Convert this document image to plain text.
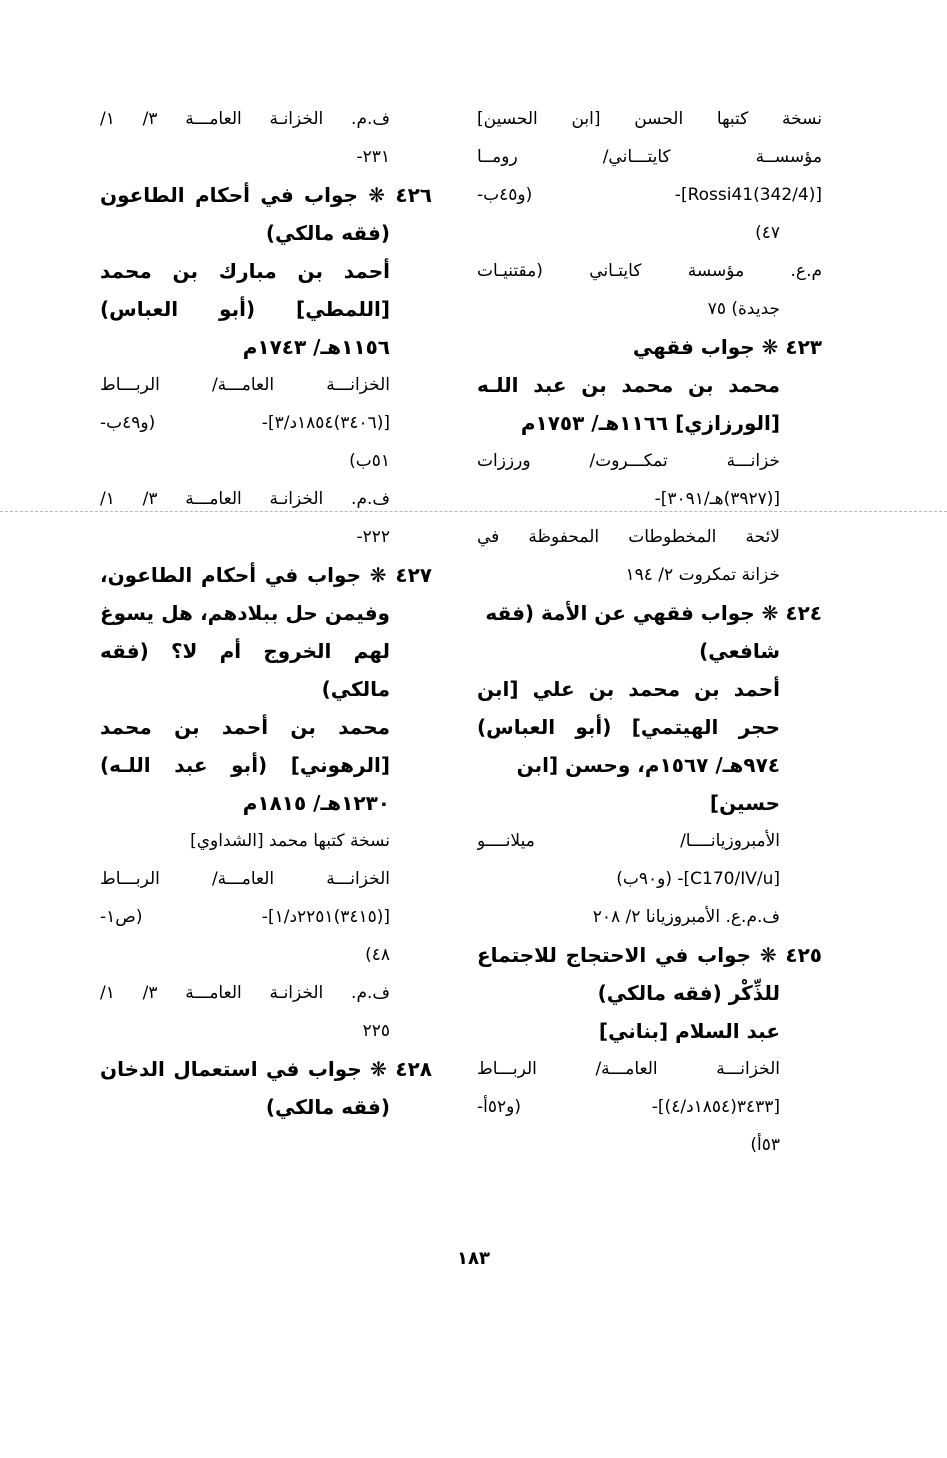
نسخة كتبها الحسن [ابن الحسين]
مؤسســة كايتـــاني/ رومــا
[Rossi41(342/4)]- (و٤٥ب-
٤٧)
م.ع. مؤسسة كايتـاني (مقتنيـات
جديدة) ٧٥
٤٢٣ ❋ جواب فقهي
محمد بن محمد بن عبد اللـه
[الورزازي] ١١٦٦هـ/ ١٧٥٣م
خزانـــة تمكـــروت/ ورززات
[(٣٩٢٧)هـ/٣٠٩١]-
لائحة المخطوطات المحفوظة في
خزانة تمكروت ٢/ ١٩٤
٤٢٤ ❋ جواب فقهي عن الأمة (فقه
شافعي)
أحمد بن محمد بن علي [ابن
حجر الهيتمي] (أبو العباس)
٩٧٤هـ/ ١٥٦٧م، وحسن [ابن
حسين]
الأمبروزيانــــا/ ميلانــــو
[C170/IV/u]- (و٩٠ب)
ف.م.ع. الأمبروزيانا ٢/ ٢٠٨
٤٢٥ ❋ جواب في الاحتجاج للاجتماع
للذِّكْر (فقه مالكي)
عبد السلام [بناني]
الخزانـــة العامـــة/ الربـــاط
[٣٤٣٣(١٨٥٤د/٤)]- (و٥٢أ-
٥٣أ)
ف.م. الخزانـة العامـــة ٣/ ١/
٢٣١-
٤٢٦ ❋ جواب في أحكام الطاعون
(فقه مالكي)
أحمد بن مبارك بن محمد
[اللمطي] (أبو العباس)
١١٥٦هـ/ ١٧٤٣م
الخزانـــة العامـــة/ الربـــاط
[(٣٤٠٦)١٨٥٤د/٣]- (و٤٩ب-
٥١ب)
ف.م. الخزانـة العامـــة ٣/ ١/
٢٢٢-
٤٢٧ ❋ جواب في أحكام الطاعون،
وفيمن حل ببلادهم، هل يسوغ
لهم الخروج أم لا؟ (فقه
مالكي)
محمد بن أحمد بن محمد
[الرهوني] (أبو عبد اللـه)
١٢٣٠هـ/ ١٨١٥م
نسخة كتبها محمد [الشداوي]
الخزانـــة العامـــة/ الربـــاط
[(٣٤١٥)٢٢٥١د/١]- (ص١-
٤٨)
ف.م. الخزانـة العامـــة ٣/ ١/
٢٢٥
٤٢٨ ❋ جواب في استعمال الدخان
(فقه مالكي)
١٨٣
